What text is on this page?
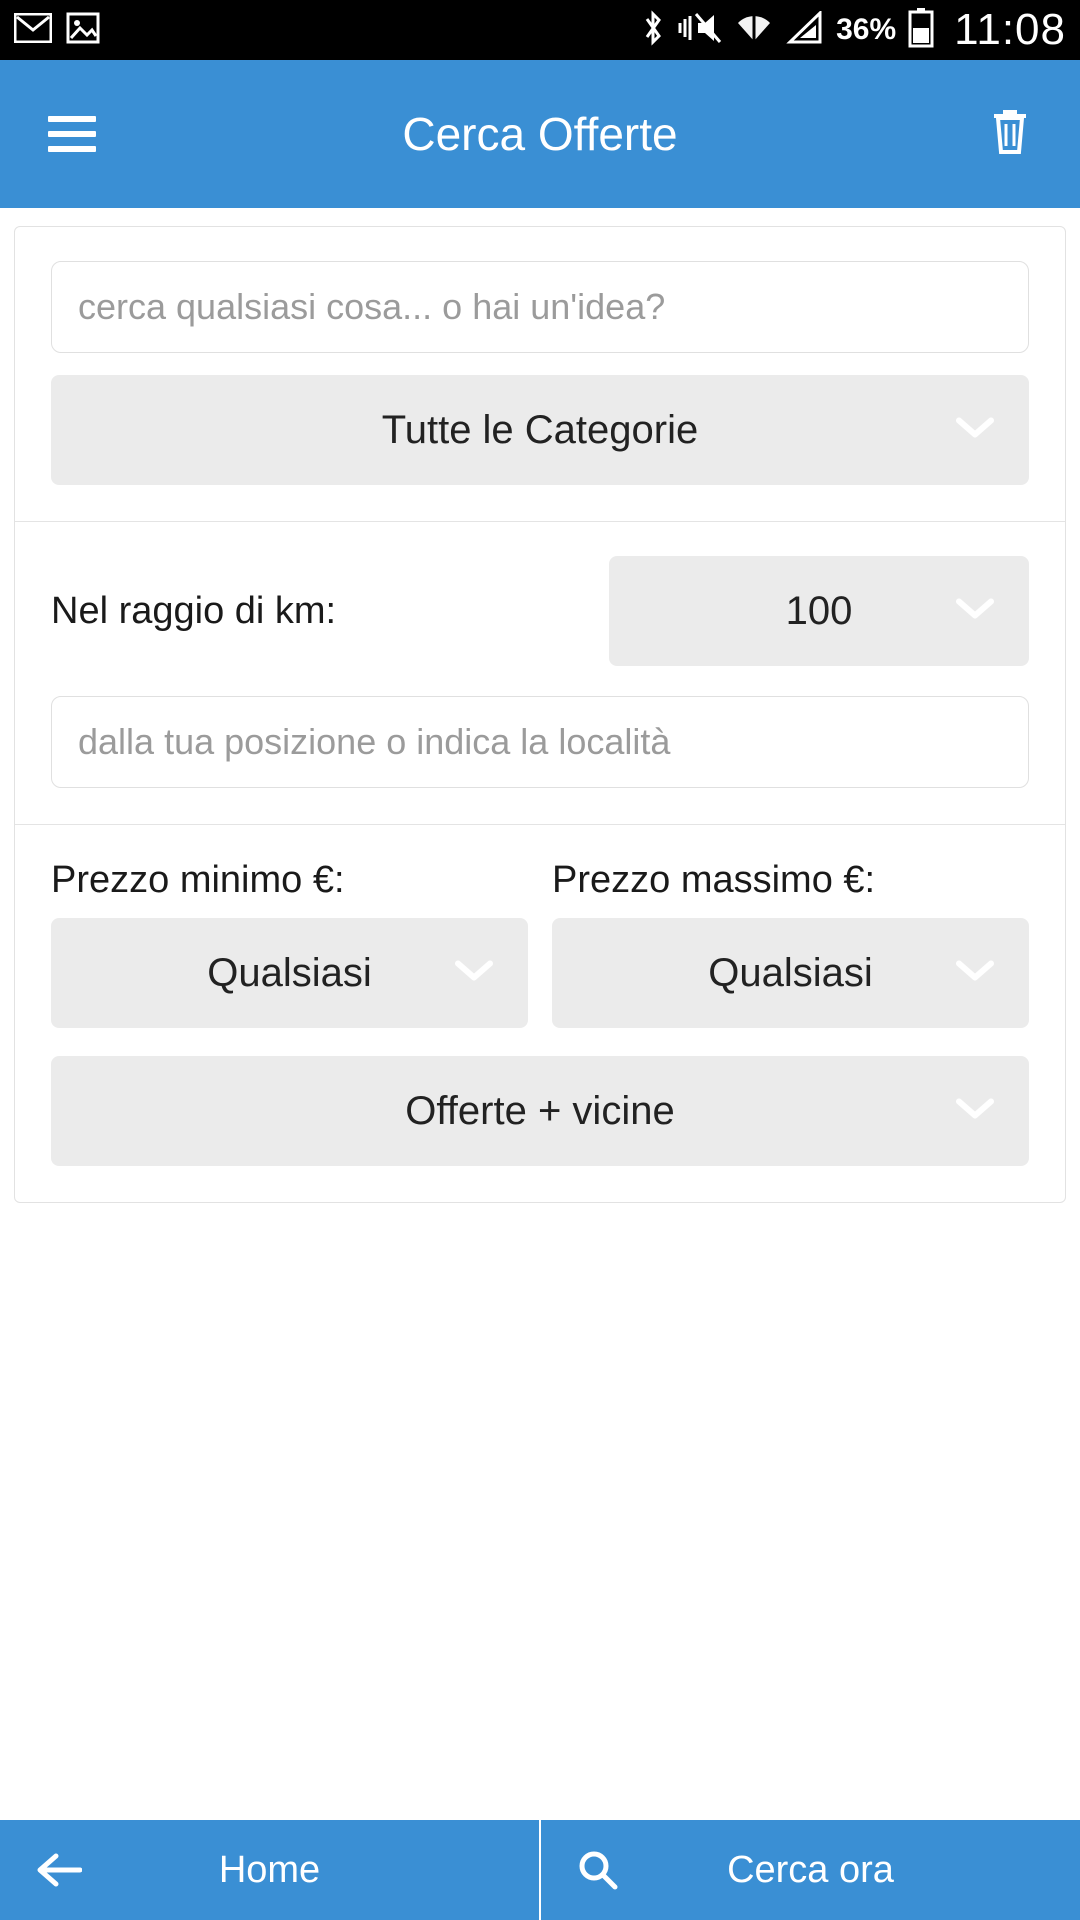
36% 11:08
Cerca Offerte
cerca qualsiasi cosa... o hai un'idea?
Tutte le Categorie
Nel raggio di km:	100
dalla tua posizione o indica la località
Prezzo minimo €:	Prezzo massimo €:
Qualsiasi	Qualsiasi
Offerte + vicine
Home	Cerca ora
